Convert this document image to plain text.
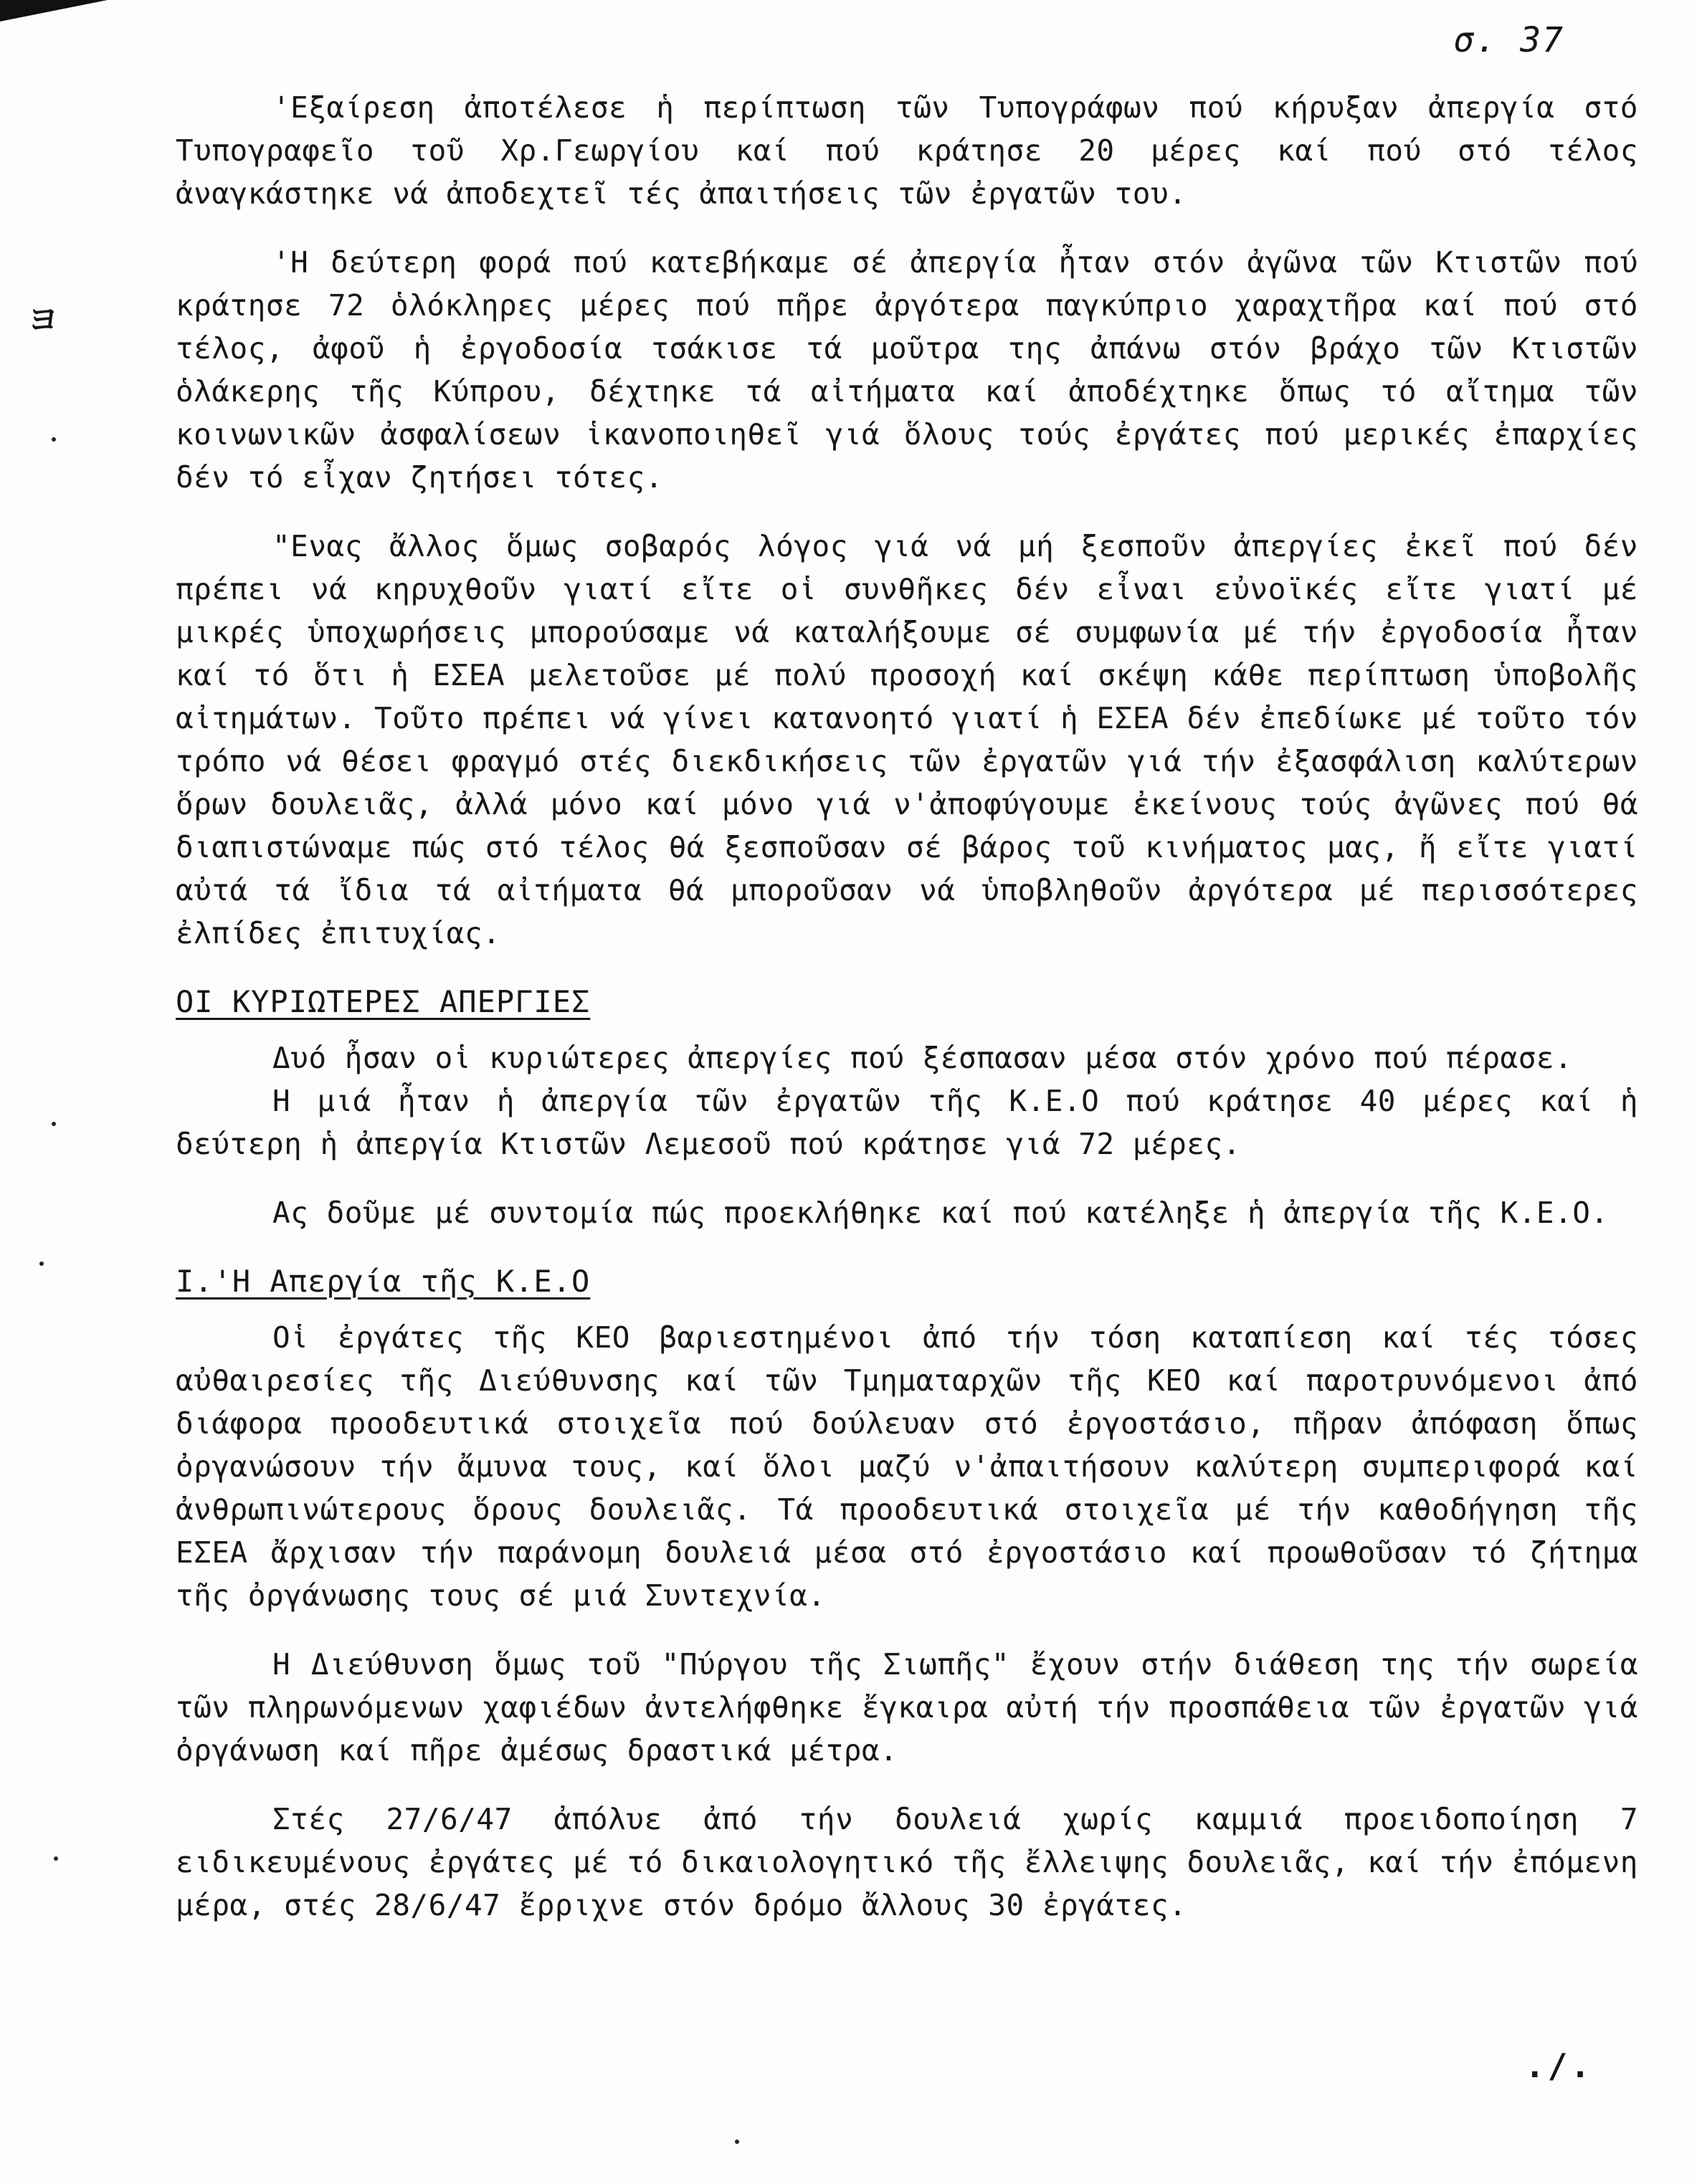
σ. 37
ヨ

'Εξαίρεση ἀποτέλεσε ἡ περίπτωση τῶν Τυπογράφων πού κήρυξαν ἀπεργία στό Τυπογραφεῖο τοῦ Χρ.Γεωργίου καί πού κράτησε 20 μέρες καί πού στό τέλος ἀναγκάστηκε νά ἀποδεχτεῖ τές ἀπαιτήσεις τῶν ἐργατῶν του.

'Η δεύτερη φορά πού κατεβήκαμε σέ ἀπεργία ἦταν στόν ἀγῶνα τῶν Κτιστῶν πού κράτησε 72 ὁλόκληρες μέρες πού πῆρε ἀργότερα παγκύπριο χαραχτῆρα καί πού στό τέλος, ἀφοῦ ἡ ἐργοδοσία τσάκισε τά μοῦτρα της ἀπάνω στόν βράχο τῶν Κτιστῶν ὁλάκερης τῆς Κύπρου, δέχτηκε τά αἰτήματα καί ἀποδέχτηκε ὅπως τό αἴτημα τῶν κοινωνικῶν ἀσφαλίσεων ἱκανοποιηθεῖ γιά ὅλους τούς ἐργάτες πού μερικές ἐπαρχίες δέν τό εἶχαν ζητήσει τότες.

"Ενας ἄλλος ὅμως σοβαρός λόγος γιά νά μή ξεσποῦν ἀπεργίες ἐκεῖ πού δέν πρέπει νά κηρυχθοῦν γιατί εἴτε οἱ συνθῆκες δέν εἶναι εὐνοϊκές εἴτε γιατί μέ μικρές ὑποχωρήσεις μπορούσαμε νά καταλήξουμε σέ συμφωνία μέ τήν ἐργοδοσία ἦταν καί τό ὅτι ἡ ΕΣΕΑ μελετοῦσε μέ πολύ προσοχή καί σκέψη κάθε περίπτωση ὑποβολῆς αἰτημάτων. Τοῦτο πρέπει νά γίνει κατανοητό γιατί ἡ ΕΣΕΑ δέν ἐπεδίωκε μέ τοῦτο τόν τρόπο νά θέσει φραγμό στές διεκδικήσεις τῶν ἐργατῶν γιά τήν ἐξασφάλιση καλύτερων ὅρων δουλειᾶς, ἀλλά μόνο καί μόνο γιά ν'ἀποφύγουμε ἐκείνους τούς ἀγῶνες πού θά διαπιστώναμε πώς στό τέλος θά ξεσποῦσαν σέ βάρος τοῦ κινήματος μας, ἤ εἴτε γιατί αὐτά τά ἴδια τά αἰτήματα θά μποροῦσαν νά ὑποβληθοῦν ἀργότερα μέ περισσότερες ἐλπίδες ἐπιτυχίας.

ΟΙ ΚΥΡΙΩΤΕΡΕΣ ΑΠΕΡΓΙΕΣ

Δυό ἦσαν οἱ κυριώτερες ἀπεργίες πού ξέσπασαν μέσα στόν χρόνο πού πέρασε.

Η μιά ἦταν ἡ ἀπεργία τῶν ἐργατῶν τῆς Κ.Ε.Ο πού κράτησε 40 μέρες καί ἡ δεύτερη ἡ ἀπεργία Κτιστῶν Λεμεσοῦ πού κράτησε γιά 72 μέρες.

Ας δοῦμε μέ συντομία πώς προεκλήθηκε καί πού κατέληξε ἡ ἀπεργία τῆς Κ.Ε.Ο.

Ι.'Η Απεργία τῆς Κ.Ε.Ο

Οἱ ἐργάτες τῆς ΚΕΟ βαριεστημένοι ἀπό τήν τόση καταπίεση καί τές τόσες αὐθαιρεσίες τῆς Διεύθυνσης καί τῶν Τμηματαρχῶν τῆς ΚΕΟ καί παροτρυνόμενοι ἀπό διάφορα προοδευτικά στοιχεῖα πού δούλευαν στό ἐργοστάσιο, πῆραν ἀπόφαση ὅπως ὀργανώσουν τήν ἄμυνα τους, καί ὅλοι μαζύ ν'ἀπαιτήσουν καλύτερη συμπεριφορά καί ἀνθρωπινώτερους ὅρους δουλειᾶς. Τά προοδευτικά στοιχεῖα μέ τήν καθοδήγηση τῆς ΕΣΕΑ ἄρχισαν τήν παράνομη δουλειά μέσα στό ἐργοστάσιο καί προωθοῦσαν τό ζήτημα τῆς ὀργάνωσης τους σέ μιά Συντεχνία.

Η Διεύθυνση ὅμως τοῦ "Πύργου τῆς Σιωπῆς" ἔχουν στήν διάθεση της τήν σωρεία τῶν πληρωνόμενων χαφιέδων ἀντελήφθηκε ἔγκαιρα αὐτή τήν προσπάθεια τῶν ἐργατῶν γιά ὀργάνωση καί πῆρε ἀμέσως δραστικά μέτρα.

Στές 27/6/47 ἀπόλυε ἀπό τήν δουλειά χωρίς καμμιά προειδοποίηση 7 ειδικευμένους ἐργάτες μέ τό δικαιολογητικό τῆς ἔλλειψης δουλειᾶς, καί τήν ἐπόμενη μέρα, στές 28/6/47 ἔρριχνε στόν δρόμο ἄλλους 30 ἐργάτες.

./.
